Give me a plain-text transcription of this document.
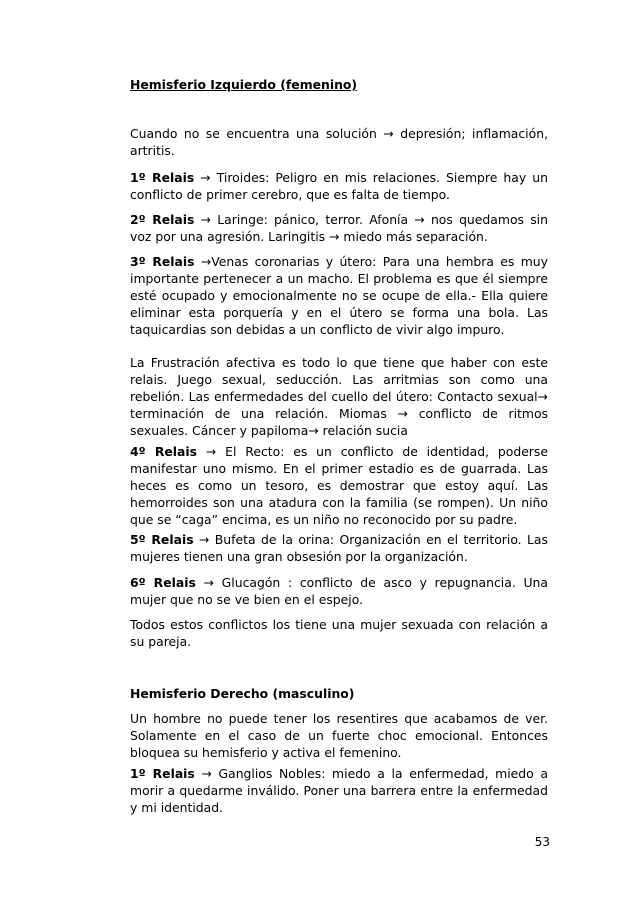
Hemisferio Izquierdo (femenino)

Cuando no se encuentra una solución → depresión; inflamación, artritis.

1º Relais → Tiroides: Peligro en mis relaciones. Siempre hay un conflicto de primer cerebro, que es falta de tiempo.

2º Relais → Laringe: pánico, terror. Afonía → nos quedamos sin voz por una agresión. Laringitis → miedo más separación.

3º Relais →Venas coronarias y útero: Para una hembra es muy importante pertenecer a un macho. El problema es que él siempre esté ocupado y emocionalmente no se ocupe de ella.- Ella quiere eliminar esta porquería y en el útero se forma una bola. Las taquicardias son debidas a un conflicto de vivir algo impuro.

La Frustración afectiva es todo lo que tiene que haber con este relais. Juego sexual, seducción. Las arritmias son como una rebelión. Las enfermedades del cuello del útero: Contacto sexual→ terminación de una relación. Miomas → conflicto de ritmos sexuales. Cáncer y papiloma→ relación sucia

4º Relais → El Recto: es un conflicto de identidad, poderse manifestar uno mismo. En el primer estadio es de guarrada. Las heces es como un tesoro, es demostrar que estoy aquí. Las hemorroides son una atadura con la familia (se rompen). Un niño que se “caga” encima, es un niño no reconocido por su padre.

5º Relais → Bufeta de la orina: Organización en el territorio. Las mujeres tienen una gran obsesión por la organización.

6º Relais → Glucagón : conflicto de asco y repugnancia. Una mujer que no se ve bien en el espejo.

Todos estos conflictos los tiene una mujer sexuada con relación a su pareja.

Hemisferio Derecho (masculino)

Un hombre no puede tener los resentires que acabamos de ver. Solamente en el caso de un fuerte choc emocional. Entonces bloquea su hemisferio y activa el femenino.

1º Relais → Ganglios Nobles: miedo a la enfermedad, miedo a morir a quedarme inválido. Poner una barrera entre la enfermedad y mi identidad.

53
